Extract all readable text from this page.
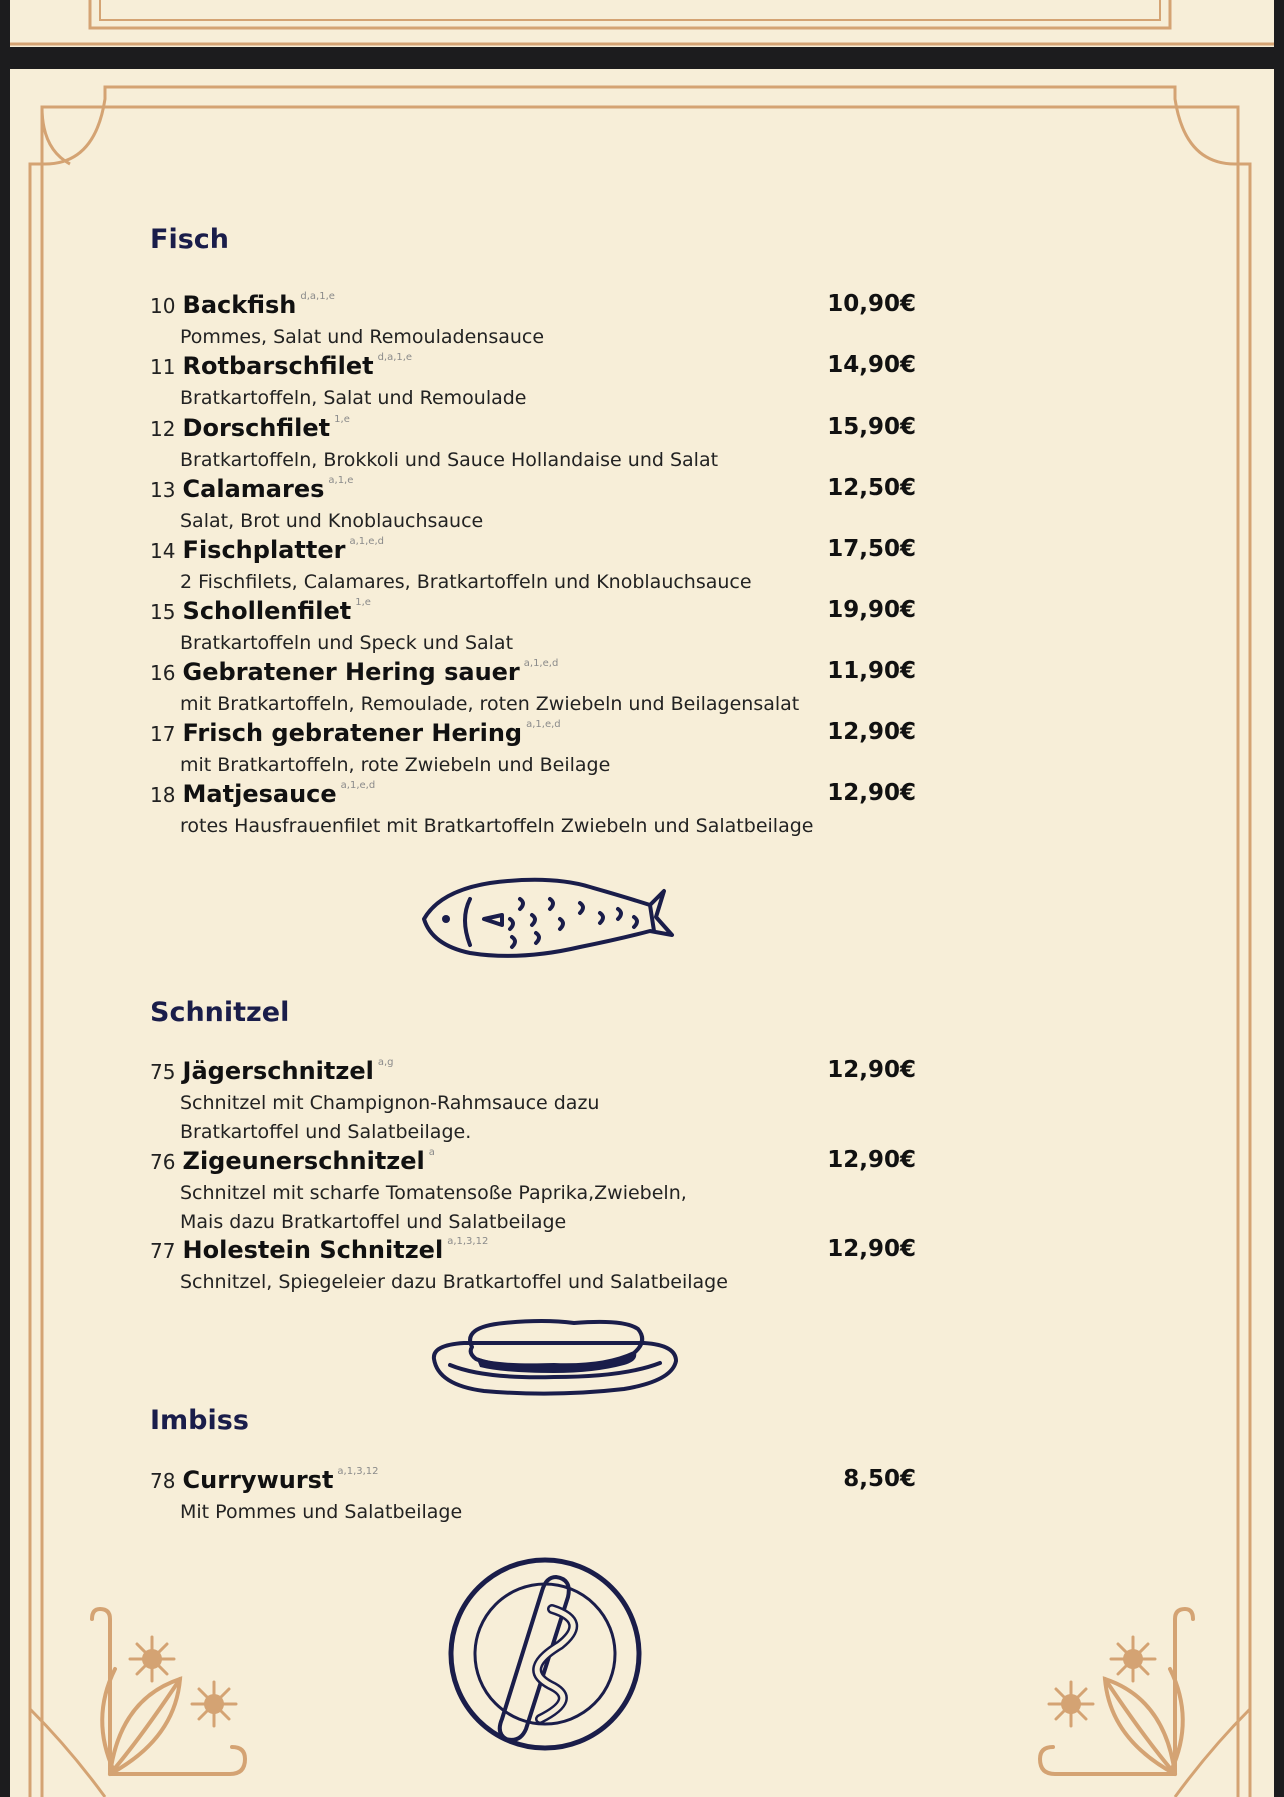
Fisch
10 Backfish $^{d,a,1,e}$	10,90€
Pommes, Salat und Remouladensauce
11 Rotbarschfilet $^{d,a,1,e}$	14,90€
Bratkartoffeln, Salat und Remoulade
12 Dorschfilet $^{1,e}$	15,90€
Bratkartoffeln, Brokkoli und Sauce Hollandaise und Salat
13 Calamares $^{a,1,e}$	12,50€
Salat, Brot und Knoblauchsauce
14 Fischplatter $^{a,1,e,d}$	17,50€
2 Fischfilets, Calamares, Bratkartoffeln und Knoblauchsauce
15 Schollenfilet $^{1,e}$	19,90€
Bratkartoffeln und Speck und Salat
16 Gebratener Hering sauer $^{a,1,e,d}$	11,90€
mit Bratkartoffeln, Remoulade, roten Zwiebeln und Beilagensalat
17 Frisch gebratener Hering $^{a,1,e,d}$	12,90€
mit Bratkartoffeln, rote Zwiebeln und Beilage
18 Matjesauce $^{a,1,e,d}$	12,90€
rotes Hausfrauenfilet mit Bratkartoffeln Zwiebeln und Salatbeilage
Schnitzel
75 Jägerschnitzel $^{a,g}$	12,90€
Schnitzel mit Champignon-Rahmsauce dazu
Bratkartoffel und Salatbeilage.
76 Zigeunerschnitzel $^a$	12,90€
Schnitzel mit scharfe Tomatensoße Paprika,Zwiebeln,
Mais dazu Bratkartoffel und Salatbeilage
77 Holestein Schnitzel $^{a,1,3,12}$	12,90€
Schnitzel, Spiegeleier dazu Bratkartoffel und Salatbeilage
Imbiss
78 Currywurst $^{a,1,3,12}$	8,50€
Mit Pommes und Salatbeilage
